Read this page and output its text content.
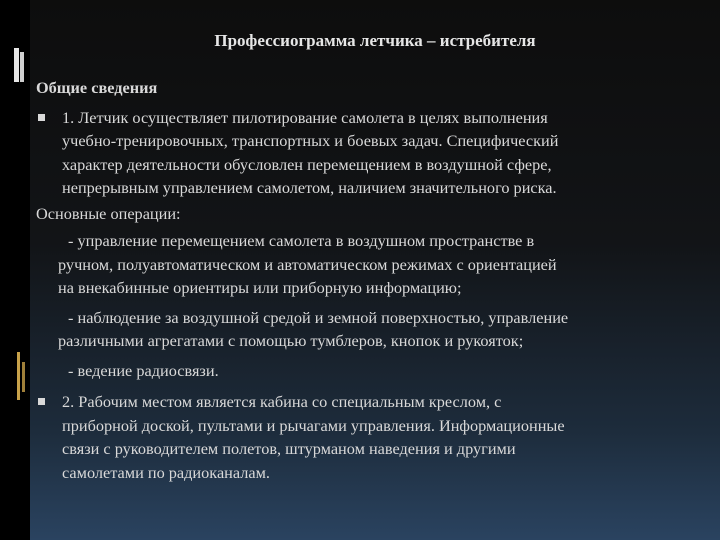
Профессиограмма летчика – истребителя
Общие сведения
1. Летчик осуществляет пилотирование самолета в целях выполнения
учебно-тренировочных, транспортных и боевых задач. Специфический
характер деятельности обусловлен перемещением в воздушной сфере,
непрерывным управлением самолетом, наличием значительного риска.
Основные операции:
- управление перемещением самолета в воздушном пространстве в
ручном, полуавтоматическом и автоматическом режимах с ориентацией
на внекабинные ориентиры или приборную информацию;
- наблюдение за воздушной средой и земной поверхностью, управление
различными агрегатами с помощью тумблеров, кнопок и рукояток;
- ведение радиосвязи.
2. Рабочим местом является кабина со специальным креслом, с
приборной доской, пультами и рычагами управления. Информационные
связи с руководителем полетов, штурманом наведения и другими
самолетами по радиоканалам.
